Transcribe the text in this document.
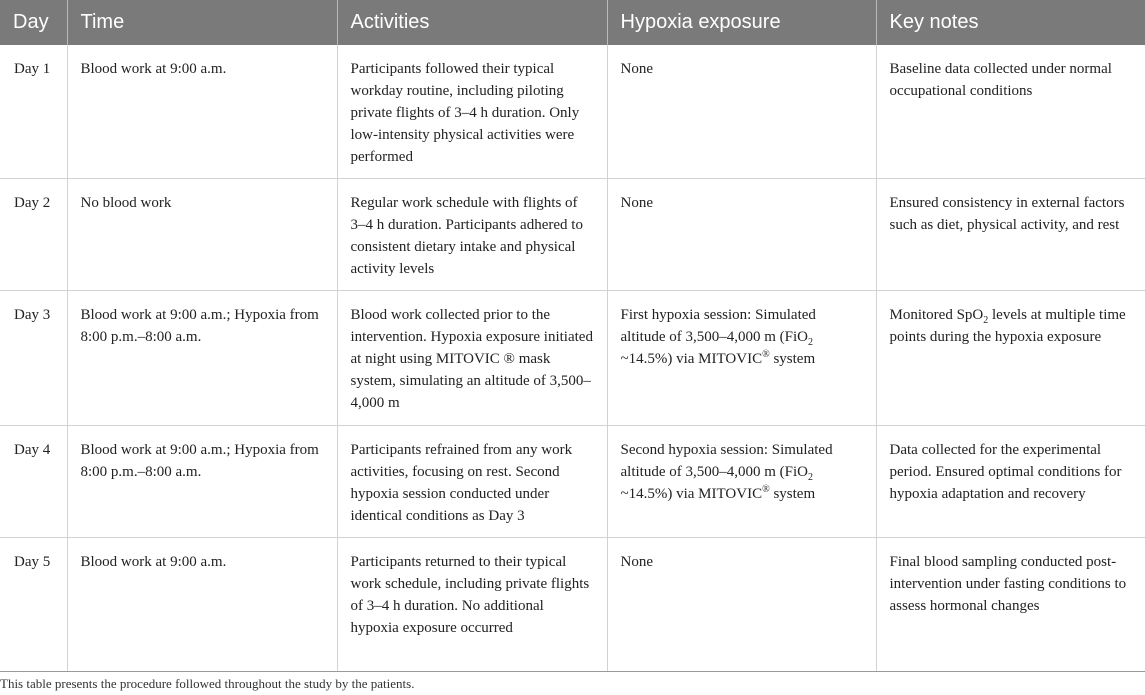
Day	Time	Activities	Hypoxia exposure	Key notes
Day 1	Blood work at 9:00 a.m.	Participants followed their typical workday routine, including piloting private flights of 3–4 h duration. Only low-intensity physical activities were performed	None	Baseline data collected under normal occupational conditions
Day 2	No blood work	Regular work schedule with flights of 3–4 h duration. Participants adhered to consistent dietary intake and physical activity levels	None	Ensured consistency in external factors such as diet, physical activity, and rest
Day 3	Blood work at 9:00 a.m.; Hypoxia from 8:00 p.m.–8:00 a.m.	Blood work collected prior to the intervention. Hypoxia exposure initiated at night using MITOVIC ® mask system, simulating an altitude of 3,500–4,000 m	First hypoxia session: Simulated altitude of 3,500–4,000 m (FiO$_2$ ~14.5%) via MITOVIC® system	Monitored SpO$_2$ levels at multiple time points during the hypoxia exposure
Day 4	Blood work at 9:00 a.m.; Hypoxia from 8:00 p.m.–8:00 a.m.	Participants refrained from any work activities, focusing on rest. Second hypoxia session conducted under identical conditions as Day 3	Second hypoxia session: Simulated altitude of 3,500–4,000 m (FiO$_2$ ~14.5%) via MITOVIC® system	Data collected for the experimental period. Ensured optimal conditions for hypoxia adaptation and recovery
Day 5	Blood work at 9:00 a.m.	Participants returned to their typical work schedule, including private flights of 3–4 h duration. No additional hypoxia exposure occurred	None	Final blood sampling conducted post-intervention under fasting conditions to assess hormonal changes
This table presents the procedure followed throughout the study by the patients.
